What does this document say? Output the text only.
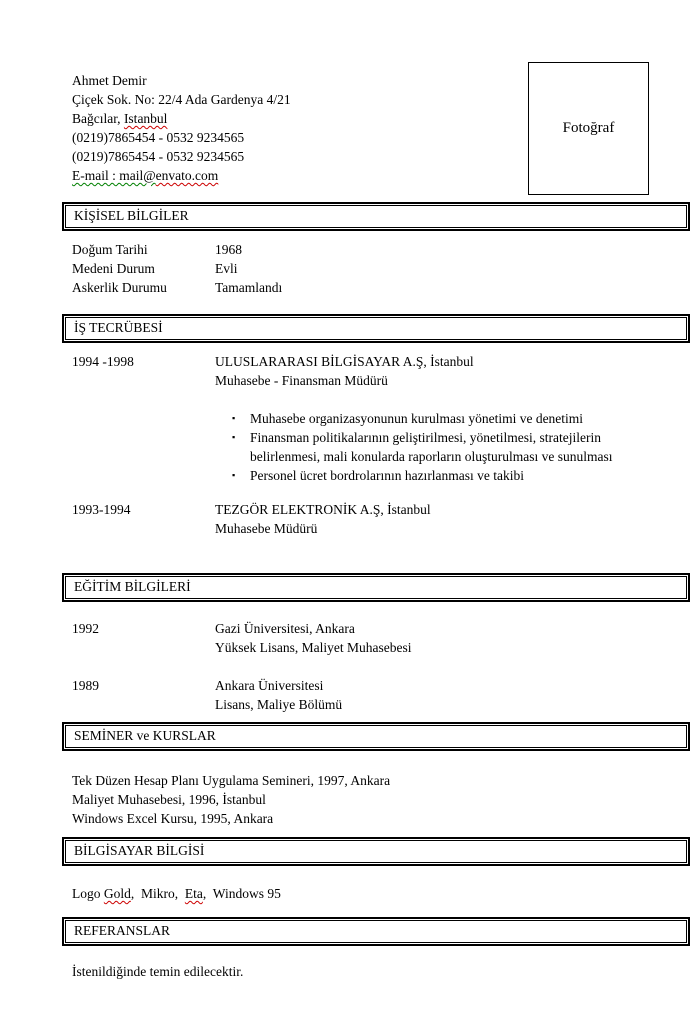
Ahmet Demir
Çiçek Sok. No: 22/4 Ada Gardenya 4/21
Bağcılar, Istanbul
(0219)7865454 - 0532 9234565
(0219)7865454 - 0532 9234565
E-mail : mail@envato.com
Fotoğraf
KİŞİSEL BİLGİLER
Doğum Tarihi	1968
Medeni Durum	Evli
Askerlik Durumu	Tamamlandı
İŞ TECRÜBESİ
1994 -1998	ULUSLARARASI BİLGİSAYAR A.Ş, İstanbul
Muhasebe - Finansman Müdürü
▪	Muhasebe organizasyonunun kurulması yönetimi ve denetimi
▪	Finansman politikalarının geliştirilmesi, yönetilmesi, stratejilerin belirlenmesi, mali konularda raporların oluşturulması ve sunulması
▪	Personel ücret bordrolarının hazırlanması ve takibi
1993-1994	TEZGÖR ELEKTRONİK A.Ş, İstanbul
Muhasebe Müdürü
EĞİTİM BİLGİLERİ
1992	Gazi Üniversitesi, Ankara
Yüksek Lisans, Maliyet Muhasebesi
1989	Ankara Üniversitesi
Lisans, Maliye Bölümü
SEMİNER ve KURSLAR
Tek Düzen Hesap Planı Uygulama Semineri, 1997, Ankara
Maliyet Muhasebesi, 1996, İstanbul
Windows Excel Kursu, 1995, Ankara
BİLGİSAYAR BİLGİSİ
Logo Gold,  Mikro,  Eta,  Windows 95
REFERANSLAR
İstenildiğinde temin edilecektir.
